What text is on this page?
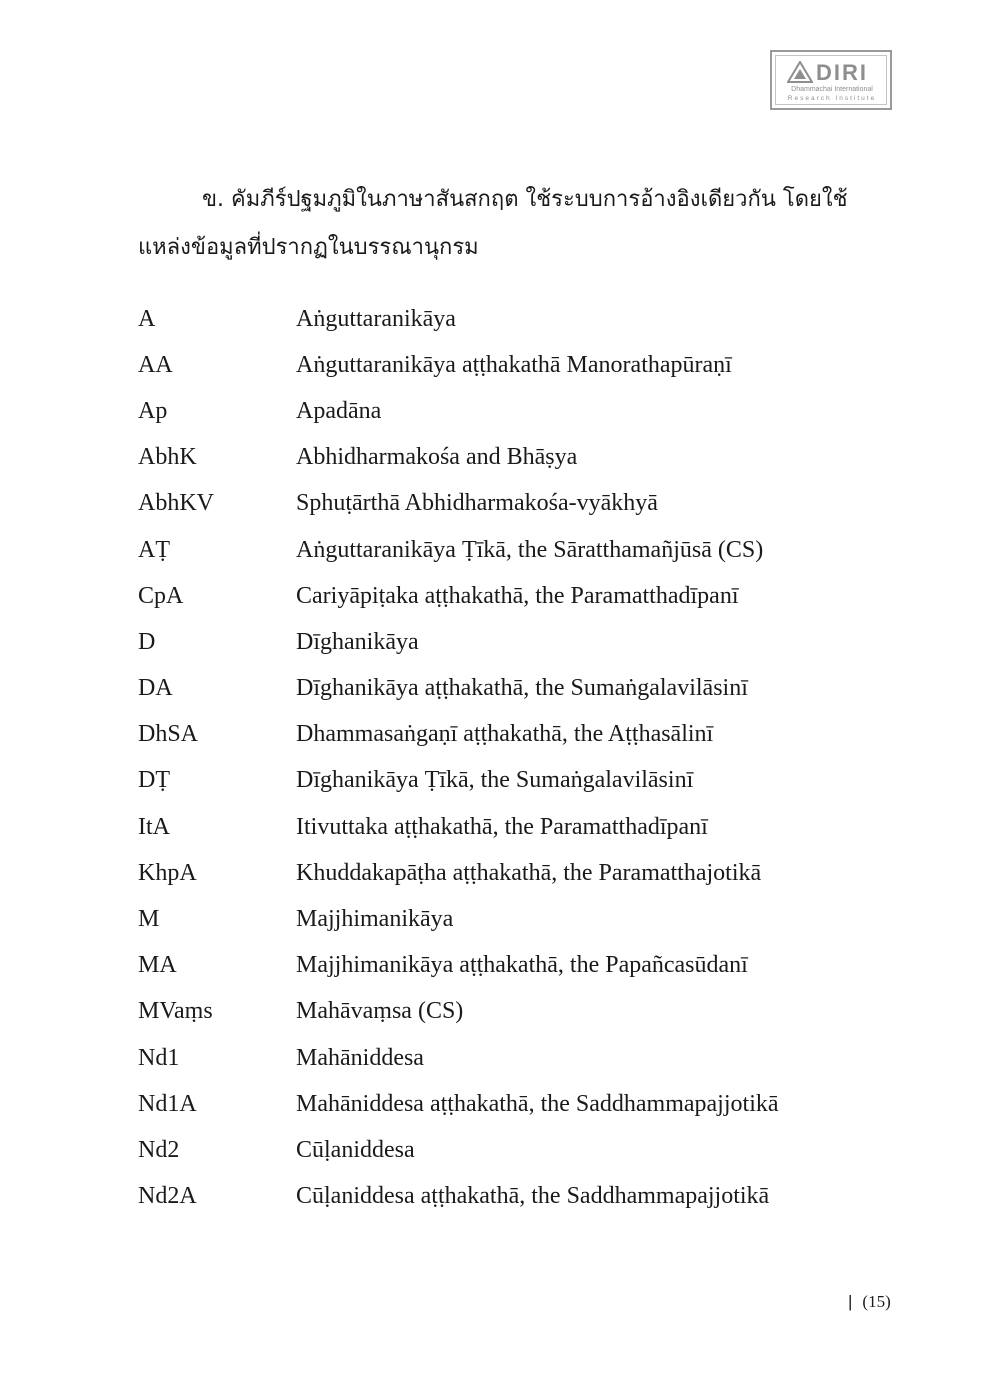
DIRI
Dhammachai International
Research Institute

ข. คัมภีร์ปฐมภูมิในภาษาสันสกฤต ใช้ระบบการอ้างอิงเดียวกัน โดยใช้
แหล่งข้อมูลที่ปรากฏในบรรณานุกรม

A	Aṅguttaranikāya
AA	Aṅguttaranikāya aṭṭhakathā Manorathapūraṇī
Ap	Apadāna
AbhK	Abhidharmakośa and Bhāṣya
AbhKV	Sphuṭārthā Abhidharmakośa-vyākhyā
AṬ	Aṅguttaranikāya Ṭīkā, the Sāratthamañjūsā (CS)
CpA	Cariyāpiṭaka aṭṭhakathā, the Paramatthadīpanī
D	Dīghanikāya
DA	Dīghanikāya aṭṭhakathā, the Sumaṅgalavilāsinī
DhSA	Dhammasaṅgaṇī aṭṭhakathā, the Aṭṭhasālinī
DṬ	Dīghanikāya Ṭīkā, the Sumaṅgalavilāsinī
ItA	Itivuttaka aṭṭhakathā, the Paramatthadīpanī
KhpA	Khuddakapāṭha aṭṭhakathā, the Paramatthajotikā
M	Majjhimanikāya
MA	Majjhimanikāya aṭṭhakathā, the Papañcasūdanī
MVaṃs	Mahāvaṃsa (CS)
Nd1	Mahāniddesa
Nd1A	Mahāniddesa aṭṭhakathā, the Saddhammapajjotikā
Nd2	Cūḷaniddesa
Nd2A	Cūḷaniddesa aṭṭhakathā, the Saddhammapajjotikā
| (15)
